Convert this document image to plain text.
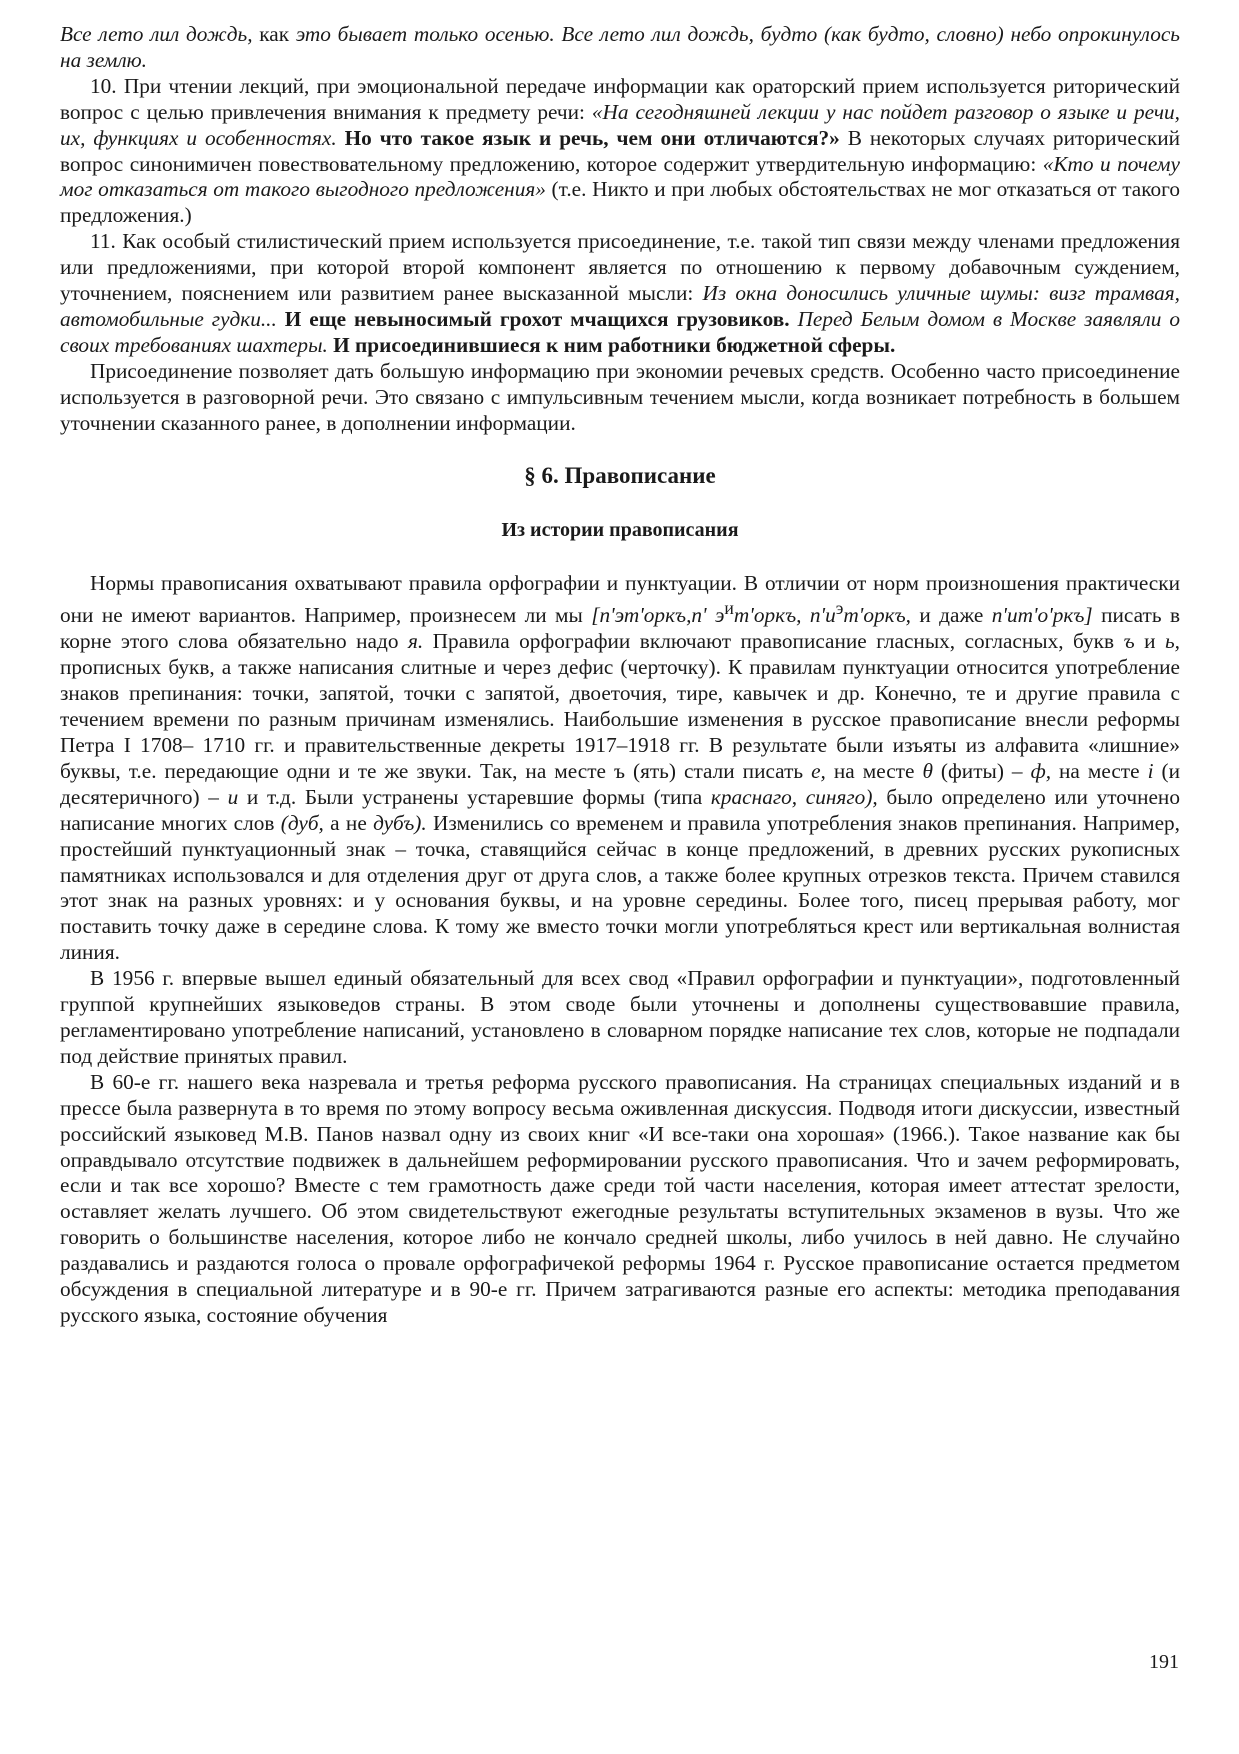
Все лето лил дождь, как это бывает только осенью. Все лето лил дождь, будто (как будто, словно) небо опрокинулось на землю.

10. При чтении лекций, при эмоциональной передаче информации как ораторский прием используется риторический вопрос с целью привлечения внимания к предмету речи: «На сегодняшней лекции у нас пойдет разговор о языке и речи, их, функциях и особенностях. Но что такое язык и речь, чем они отличаются?» В некоторых случаях риторический вопрос синонимичен повествовательному предложению, которое содержит утвердительную информацию: «Кто и почему мог отказаться от такого выгодного предложения» (т.е. Никто и при любых обстоятельствах не мог отказаться от такого предложения.)

11. Как особый стилистический прием используется присоединение, т.е. такой тип связи между членами предложения или предложениями, при которой второй компонент является по отношению к первому добавочным суждением, уточнением, пояснением или развитием ранее высказанной мысли: Из окна доносились уличные шумы: визг трамвая, автомобильные гудки... И еще невыносимый грохот мчащихся грузовиков. Перед Белым домом в Москве заявляли о своих требованиях шахтеры. И присоединившиеся к ним работники бюджетной сферы.

Присоединение позволяет дать большую информацию при экономии речевых средств. Особенно часто присоединение используется в разговорной речи. Это связано с импульсивным течением мысли, когда возникает потребность в большем уточнении сказанного ранее, в дополнении информации.

§ 6. Правописание
Из истории правописания

Нормы правописания охватывают правила орфографии и пунктуации. В отличии от норм произношения практически они не имеют вариантов. Например, произнесем ли мы [п'эт'оркъ,п' $э^ит'оркъ$, $п'и^эт'оркъ$, и даже п'ит'о'ркъ] писать в корне этого слова обязательно надо я. Правила орфографии включают правописание гласных, согласных, букв ъ и ь, прописных букв, а также написания слитные и через дефис (черточку). К правилам пунктуации относится употребление знаков препинания: точки, запятой, точки с запятой, двоеточия, тире, кавычек и др. Конечно, те и другие правила с течением времени по разным причинам изменялись. Наибольшие изменения в русское правописание внесли реформы Петра I 1708– 1710 гг. и правительственные декреты 1917–1918 гг. В результате были изъяты из алфавита «лишние» буквы, т.е. передающие одни и те же звуки. Так, на месте ъ (ять) стали писать е, на месте θ (фиты) – ф, на месте i (и десятеричного) – и и т.д. Были устранены устаревшие формы (типа краснаго, синяго), было определено или уточнено написание многих слов (дуб, а не дубъ). Изменились со временем и правила употребления знаков препинания. Например, простейший пунктуационный знак – точка, ставящийся сейчас в конце предложений, в древних русских рукописных памятниках использовался и для отделения друг от друга слов, а также более крупных отрезков текста. Причем ставился этот знак на разных уровнях: и у основания буквы, и на уровне середины. Более того, писец прерывая работу, мог поставить точку даже в середине слова. К тому же вместо точки могли употребляться крест или вертикальная волнистая линия.

В 1956 г. впервые вышел единый обязательный для всех свод «Правил орфографии и пунктуации», подготовленный группой крупнейших языковедов страны. В этом своде были уточнены и дополнены существовавшие правила, регламентировано употребление написаний, установлено в словарном порядке написание тех слов, которые не подпадали под действие принятых правил.

В 60-е гг. нашего века назревала и третья реформа русского правописания. На страницах специальных изданий и в прессе была развернута в то время по этому вопросу весьма оживленная дискуссия. Подводя итоги дискуссии, известный российский языковед М.В. Панов назвал одну из своих книг «И все-таки она хорошая» (1966.). Такое название как бы оправдывало отсутствие подвижек в дальнейшем реформировании русского правописания. Что и зачем реформировать, если и так все хорошо? Вместе с тем грамотность даже среди той части населения, которая имеет аттестат зрелости, оставляет желать лучшего. Об этом свидетельствуют ежегодные результаты вступительных экзаменов в вузы. Что же говорить о большинстве населения, которое либо не кончало средней школы, либо училось в ней давно. Не случайно раздавались и раздаются голоса о провале орфографичекой реформы 1964 г. Русское правописание остается предметом обсуждения в специальной литературе и в 90-е гг. Причем затрагиваются разные его аспекты: методика преподавания русского языка, состояние обучения

191
